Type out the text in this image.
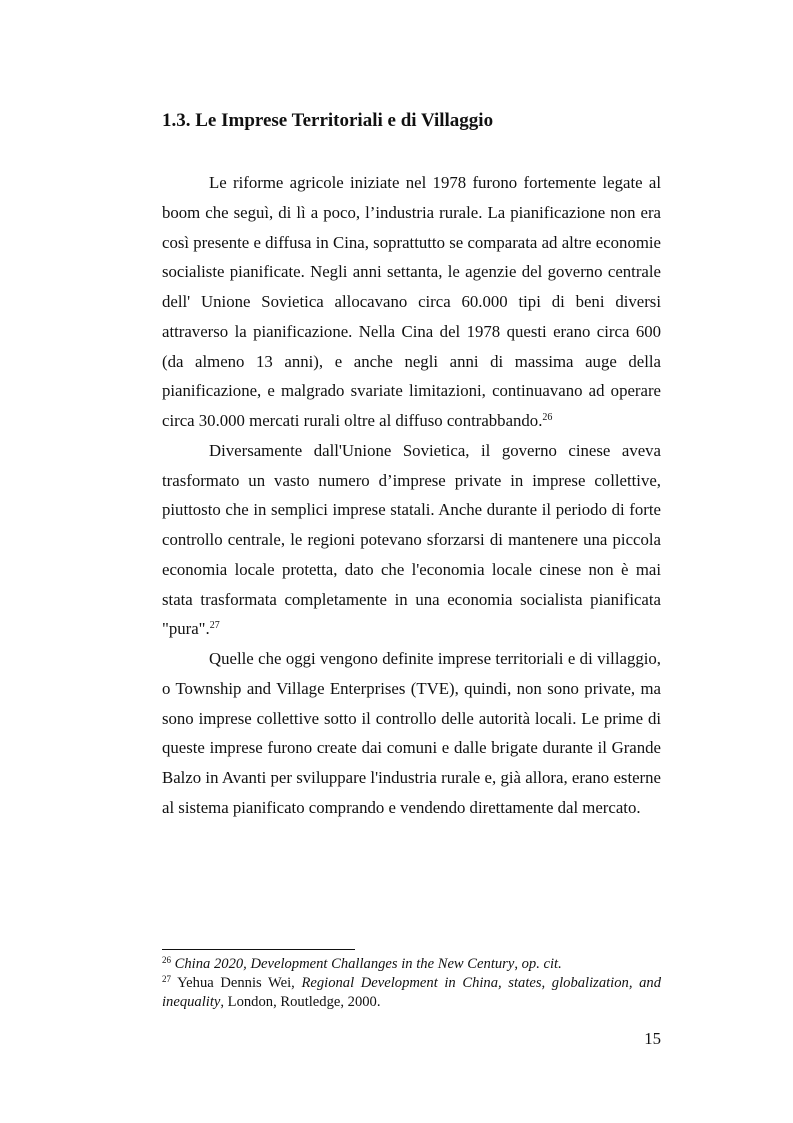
1.3. Le Imprese Territoriali e di Villaggio

Le riforme agricole iniziate nel 1978 furono fortemente legate al boom che seguì, di lì a poco, l’industria rurale. La pianificazione non era così presente e diffusa in Cina, soprattutto se comparata ad altre economie socialiste pianificate. Negli anni settanta, le agenzie del governo centrale dell' Unione Sovietica allocavano circa 60.000 tipi di beni diversi attraverso la pianificazione. Nella Cina del 1978 questi erano circa 600 (da almeno 13 anni), e anche negli anni di massima auge della pianificazione, e malgrado svariate limitazioni, continuavano ad operare circa 30.000 mercati rurali oltre al diffuso contrabbando.$^{26}$

Diversamente dall'Unione Sovietica, il governo cinese aveva trasformato un vasto numero d’imprese private in imprese collettive, piuttosto che in semplici imprese statali. Anche durante il periodo di forte controllo centrale, le regioni potevano sforzarsi di mantenere una piccola economia locale protetta, dato che l'economia locale cinese non è mai stata trasformata completamente in una economia socialista pianificata "pura".$^{27}$

Quelle che oggi vengono definite imprese territoriali e di villaggio, o Township and Village Enterprises (TVE), quindi, non sono private, ma sono imprese collettive sotto il controllo delle autorità locali. Le prime di queste imprese furono create dai comuni e dalle brigate durante il Grande Balzo in Avanti per sviluppare l'industria rurale e, già allora, erano esterne al sistema pianificato comprando e vendendo direttamente dal mercato.

$^{26}$ China 2020, Development Challanges in the New Century, op. cit.

$^{27}$ Yehua Dennis Wei, Regional Development in China, states, globalization, and inequality, London, Routledge, 2000.

15
